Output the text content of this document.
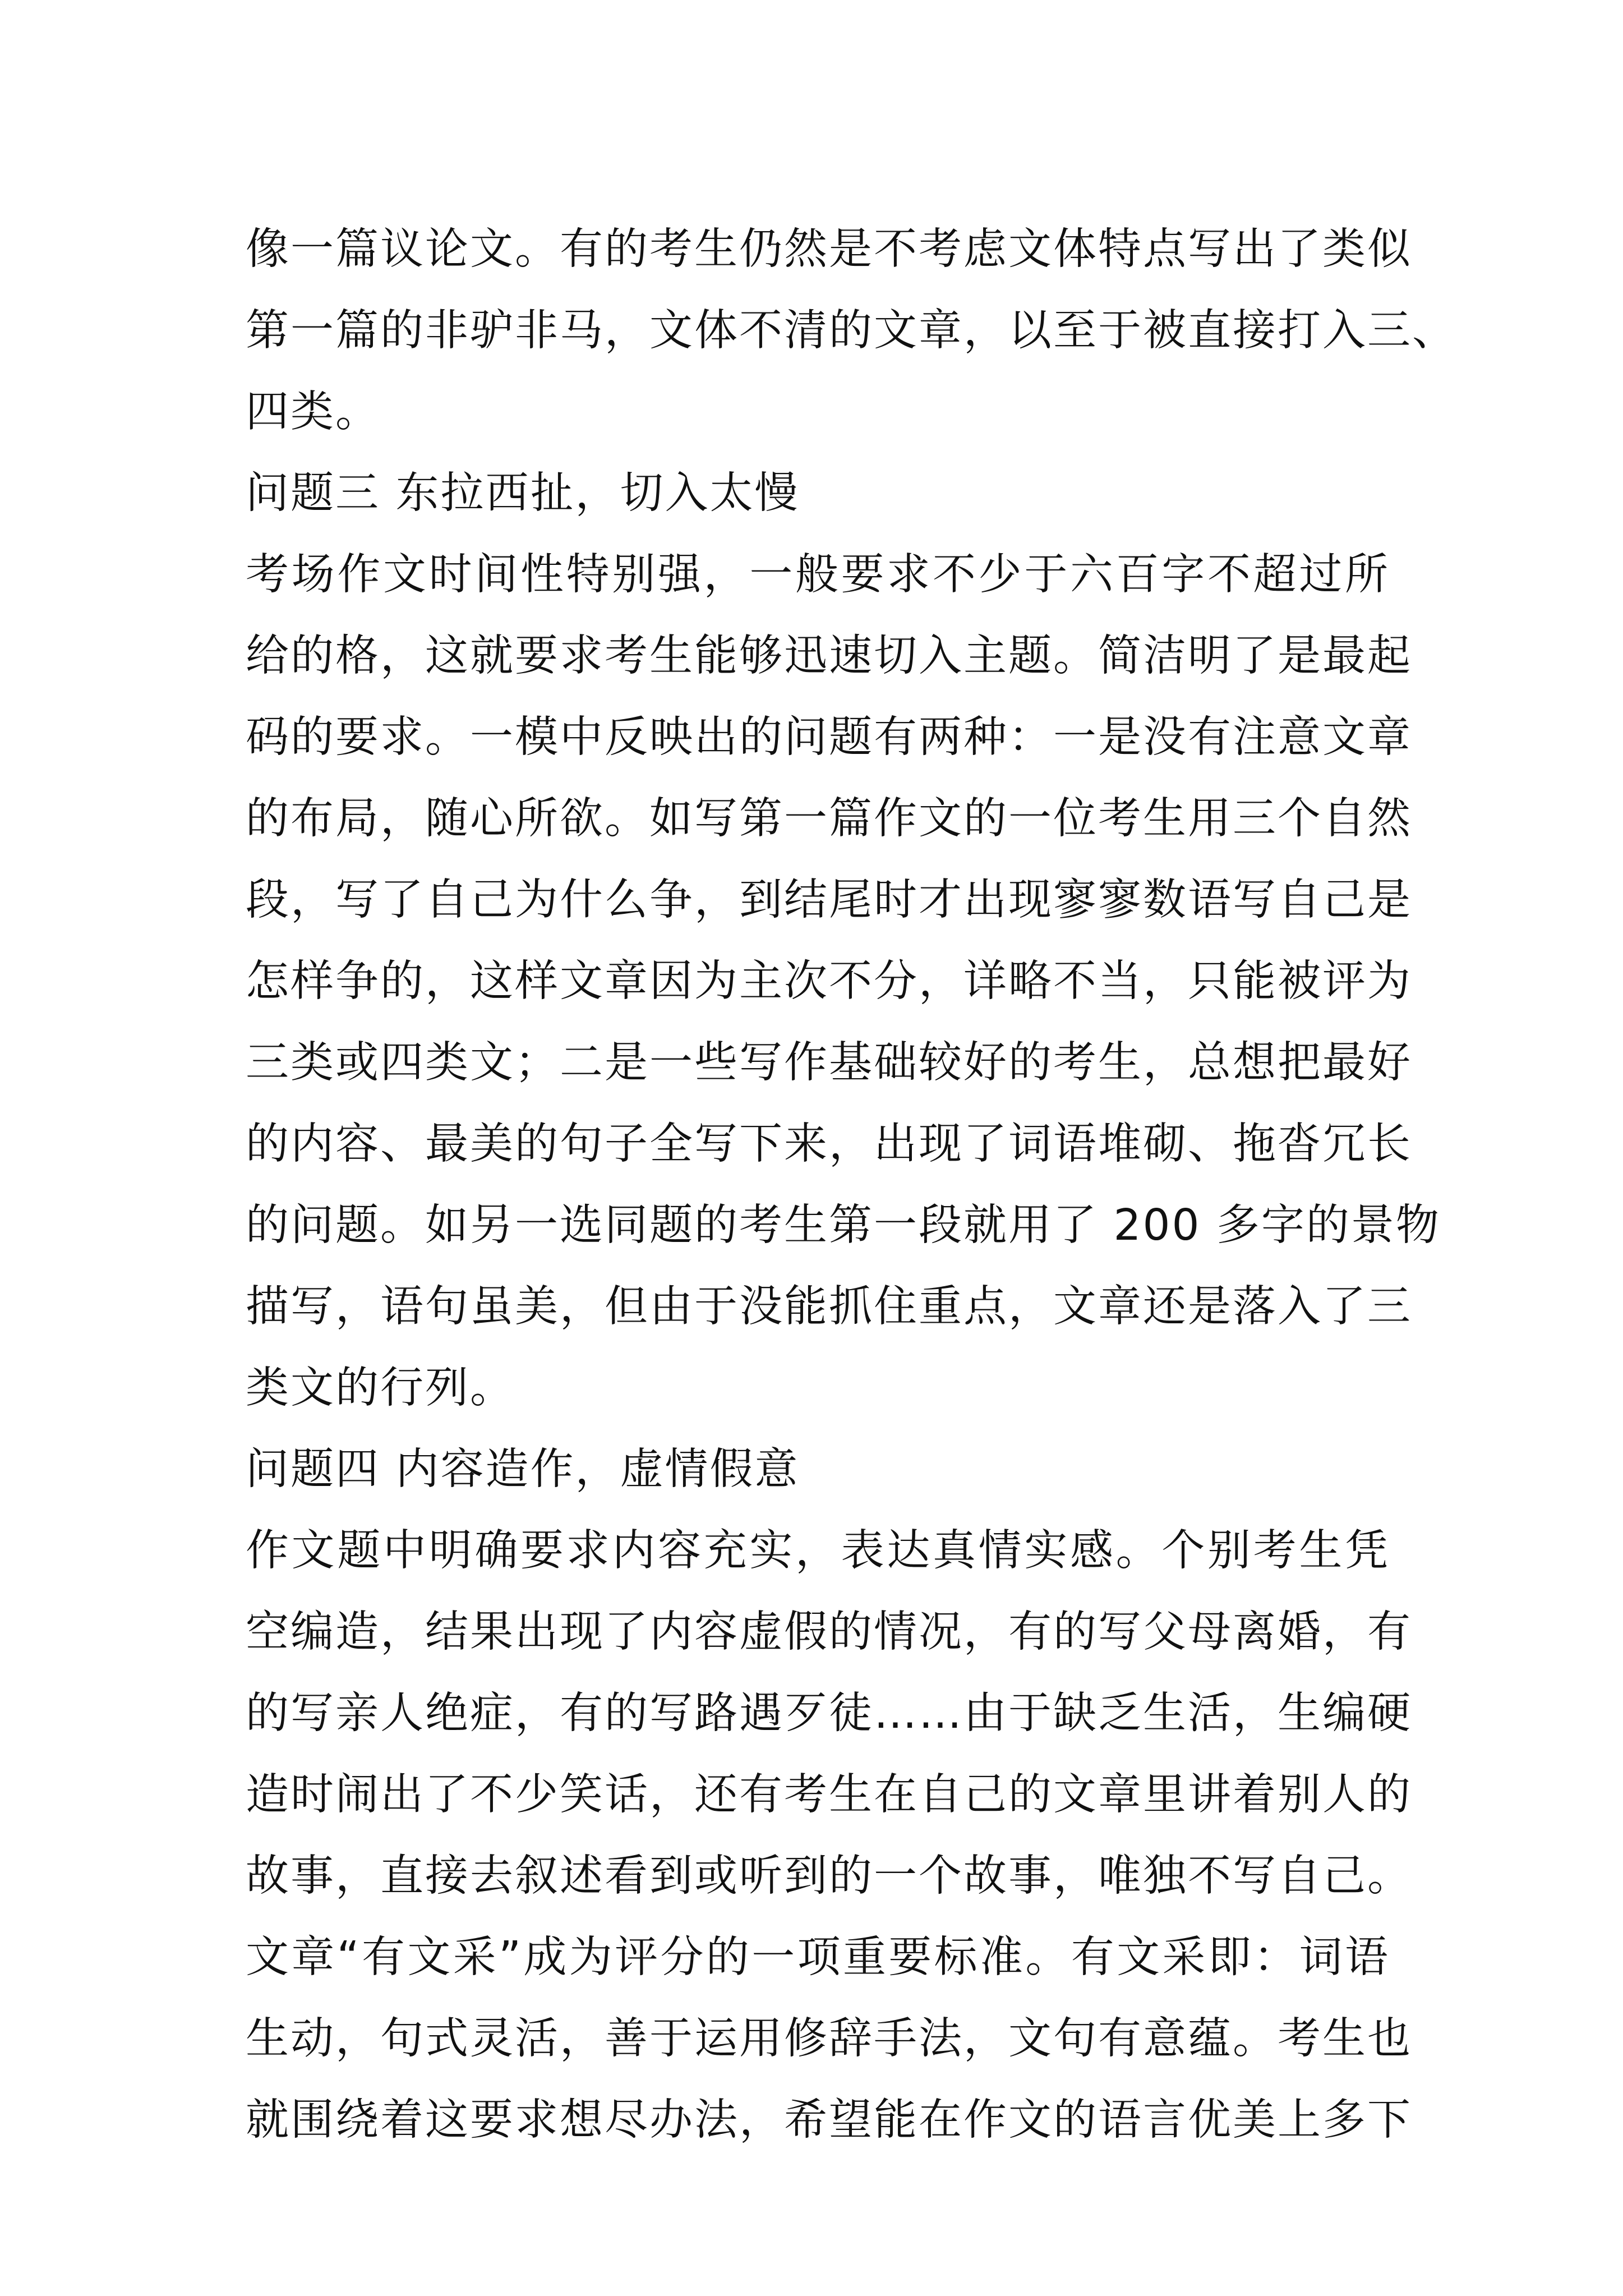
像一篇议论文。有的考生仍然是不考虑文体特点写出了类似
第一篇的非驴非马，文体不清的文章，以至于被直接打入三、
四类。
问题三 东拉西扯，切入太慢
考场作文时间性特别强，一般要求不少于六百字不超过所
给的格，这就要求考生能够迅速切入主题。简洁明了是最起
码的要求。一模中反映出的问题有两种：一是没有注意文章
的布局，随心所欲。如写第一篇作文的一位考生用三个自然
段，写了自己为什么争，到结尾时才出现寥寥数语写自己是
怎样争的，这样文章因为主次不分，详略不当，只能被评为
三类或四类文；二是一些写作基础较好的考生，总想把最好
的内容、最美的句子全写下来，出现了词语堆砌、拖沓冗长
的问题。如另一选同题的考生第一段就用了 200 多字的景物
描写，语句虽美，但由于没能抓住重点，文章还是落入了三
类文的行列。
问题四 内容造作，虚情假意
作文题中明确要求内容充实，表达真情实感。个别考生凭
空编造，结果出现了内容虚假的情况，有的写父母离婚，有
的写亲人绝症，有的写路遇歹徒……由于缺乏生活，生编硬
造时闹出了不少笑话，还有考生在自己的文章里讲着别人的
故事，直接去叙述看到或听到的一个故事，唯独不写自己。
文章“有文采”成为评分的一项重要标准。有文采即：词语
生动，句式灵活，善于运用修辞手法，文句有意蕴。考生也
就围绕着这要求想尽办法，希望能在作文的语言优美上多下
